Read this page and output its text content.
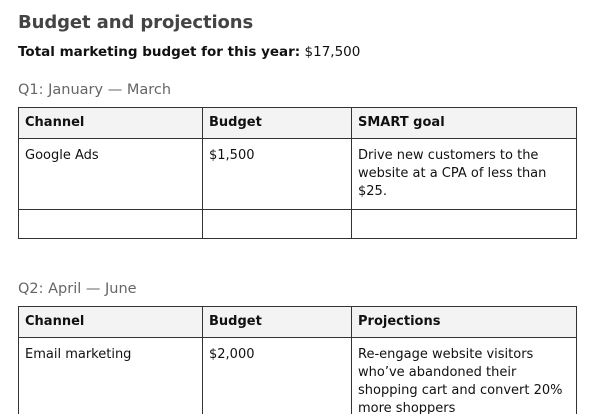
Budget and projections
Total marketing budget for this year: $17,500
Q1: January — March
Channel	Budget	SMART goal
Google Ads	$1,500	Drive new customers to the website at a CPA of less than $25.

Q2: April — June
Channel	Budget	Projections
Email marketing	$2,000	Re-engage website visitors who’ve abandoned their shopping cart and convert 20% more shoppers
